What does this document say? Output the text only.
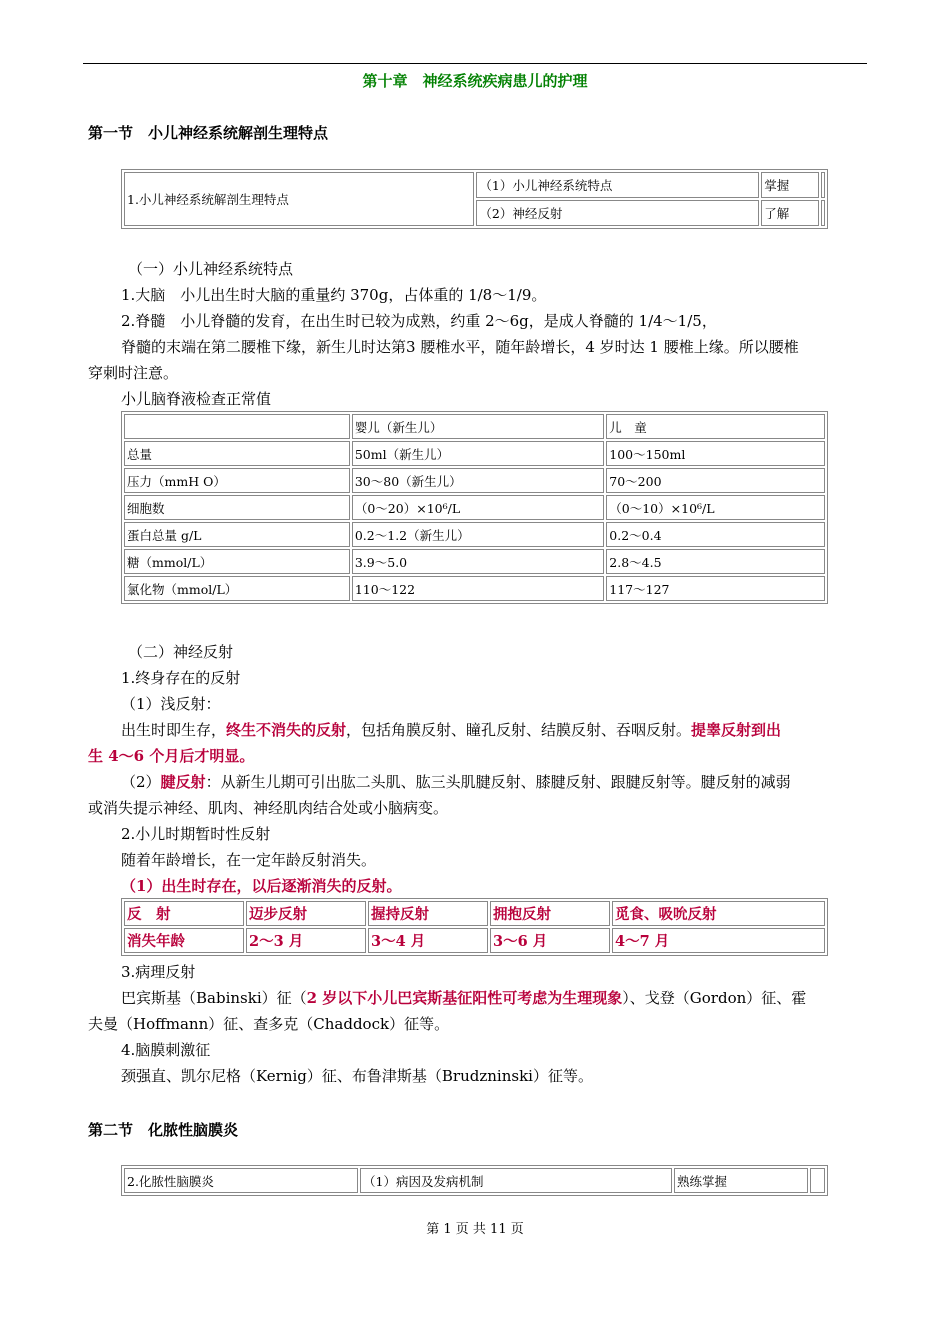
第十章　神经系统疾病患儿的护理
第一节　小儿神经系统解剖生理特点
1.小儿神经系统解剖生理特点	（1）小儿神经系统特点	掌握	
	（2）神经反射	了解	
（一）小儿神经系统特点
1.大脑　小儿出生时大脑的重量约 370g，占体重的 1/8～1/9。
2.脊髓　小儿脊髓的发育，在出生时已较为成熟，约重 2～6g，是成人脊髓的 1/4～1/5，
脊髓的末端在第二腰椎下缘，新生儿时达第3 腰椎水平，随年龄增长，4 岁时达 1 腰椎上缘。所以腰椎
穿刺时注意。
小儿脑脊液检查正常值
	婴儿（新生儿）	儿　童
总量	50ml（新生儿）	100～150ml
压力（mmH O）	30～80（新生儿）	70～200
细胞数	（0～20）×10⁶/L	（0～10）×10⁶/L
蛋白总量 g/L	0.2～1.2（新生儿）	0.2～0.4
糖（mmol/L）	3.9～5.0	2.8～4.5
氯化物（mmol/L）	110～122	117～127
（二）神经反射
1.终身存在的反射
（1）浅反射：
出生时即生存，终生不消失的反射，包括角膜反射、瞳孔反射、结膜反射、吞咽反射。提睾反射到出
生 4～6 个月后才明显。
（2）腱反射：从新生儿期可引出肱二头肌、肱三头肌腱反射、膝腱反射、跟腱反射等。腱反射的减弱
或消失提示神经、肌肉、神经肌肉结合处或小脑病变。
2.小儿时期暂时性反射
随着年龄增长，在一定年龄反射消失。
（1）出生时存在，以后逐渐消失的反射。
反　射	迈步反射	握持反射	拥抱反射	觅食、吸吮反射
消失年龄	2～3 月	3～4 月	3～6 月	4～7 月
3.病理反射
巴宾斯基（Babinski）征（2 岁以下小儿巴宾斯基征阳性可考虑为生理现象）、戈登（Gordon）征、霍
夫曼（Hoffmann）征、查多克（Chaddock）征等。
4.脑膜刺激征
颈强直、凯尔尼格（Kernig）征、布鲁津斯基（Brudzninski）征等。
第二节　化脓性脑膜炎
2.化脓性脑膜炎	（1）病因及发病机制	熟练掌握	
第 1 页 共 11 页
